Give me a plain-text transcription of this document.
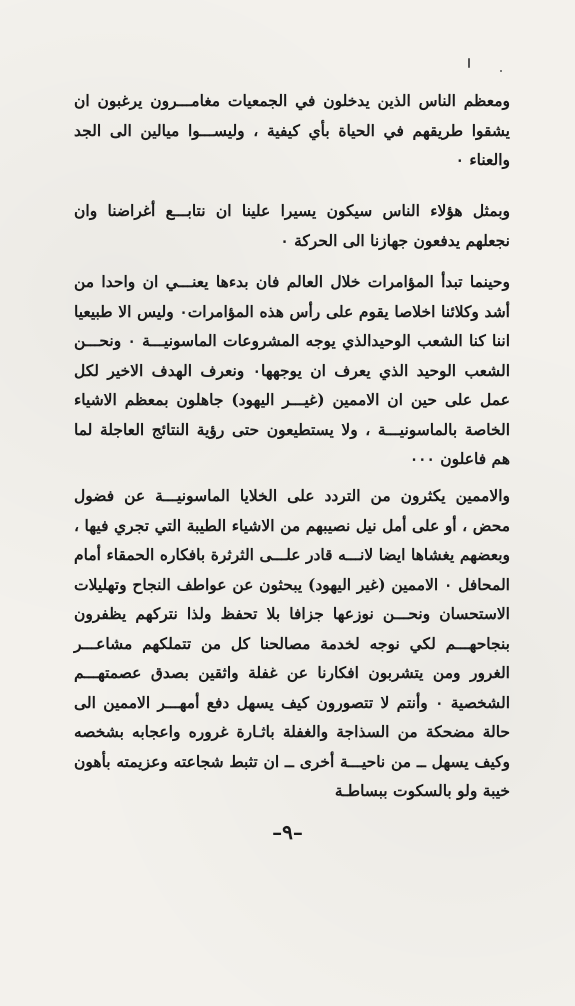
ومعظم الناس الذين يدخلون في الجمعيات مغامـــرون يرغبون ان يشقوا طريقهم في الحياة بأي كيفية ، وليســـوا ميالين الى الجد والعناء ٠

وبمثل هؤلاء الناس سيكون يسيرا علينا ان نتابـــع أغراضنا وان نجعلهم يدفعون جهازنا الى الحركة ٠

وحينما تبدأ المؤامرات خلال العالم فان بدءها يعنـــي ان واحدا من أشد وكلائنا اخلاصا يقوم على رأس هذه المؤامرات٠ وليس الا طبيعيا اننا كنا الشعب الوحيدالذي يوجه المشروعات الماسونيـــة ٠ ونحـــن الشعب الوحيد الذي يعرف ان يوجهها٠ ونعرف الهدف الاخير لكل عمل على حين ان الاممين (غيـــر اليهود) جاهلون بمعظم الاشياء الخاصة بالماسونيـــة ، ولا يستطيعون حتى رؤية النتائج العاجلة لما هم فاعلون ٠٠٠

والاممين يكثرون من التردد على الخلايا الماسونيـــة عن فضول محض ، أو على أمل نيل نصيبهم من الاشياء الطيبة التي تجري فيها ، وبعضهم يغشاها ايضا لانـــه قادر علـــى الثرثرة بافكاره الحمقاء أمام المحافل ٠ الاممين (غير اليهود) يبحثون عن عواطف النجاح وتهليلات الاستحسان ونحـــن نوزعها جزافا بلا تحفظ ولذا نتركهم يظفرون بنجاحهـــم لكي نوجه لخدمة مصالحنا كل من تتملكهم مشاعـــر الغرور ومن يتشربون افكارنا عن غفلة واثقين بصدق عصمتهـــم الشخصية ٠ وأنتم لا تتصورون كيف يسهل دفع أمهـــر الاممين الى حالة مضحكة من السذاجة والغفلة باثـارة غروره واعجابه بشخصه وكيف يسهل ــ من ناحيـــة أخرى ــ ان تثبط شجاعته وعزيمته بأهون خيبة ولو بالسكوت ببساطـة

–٩–
